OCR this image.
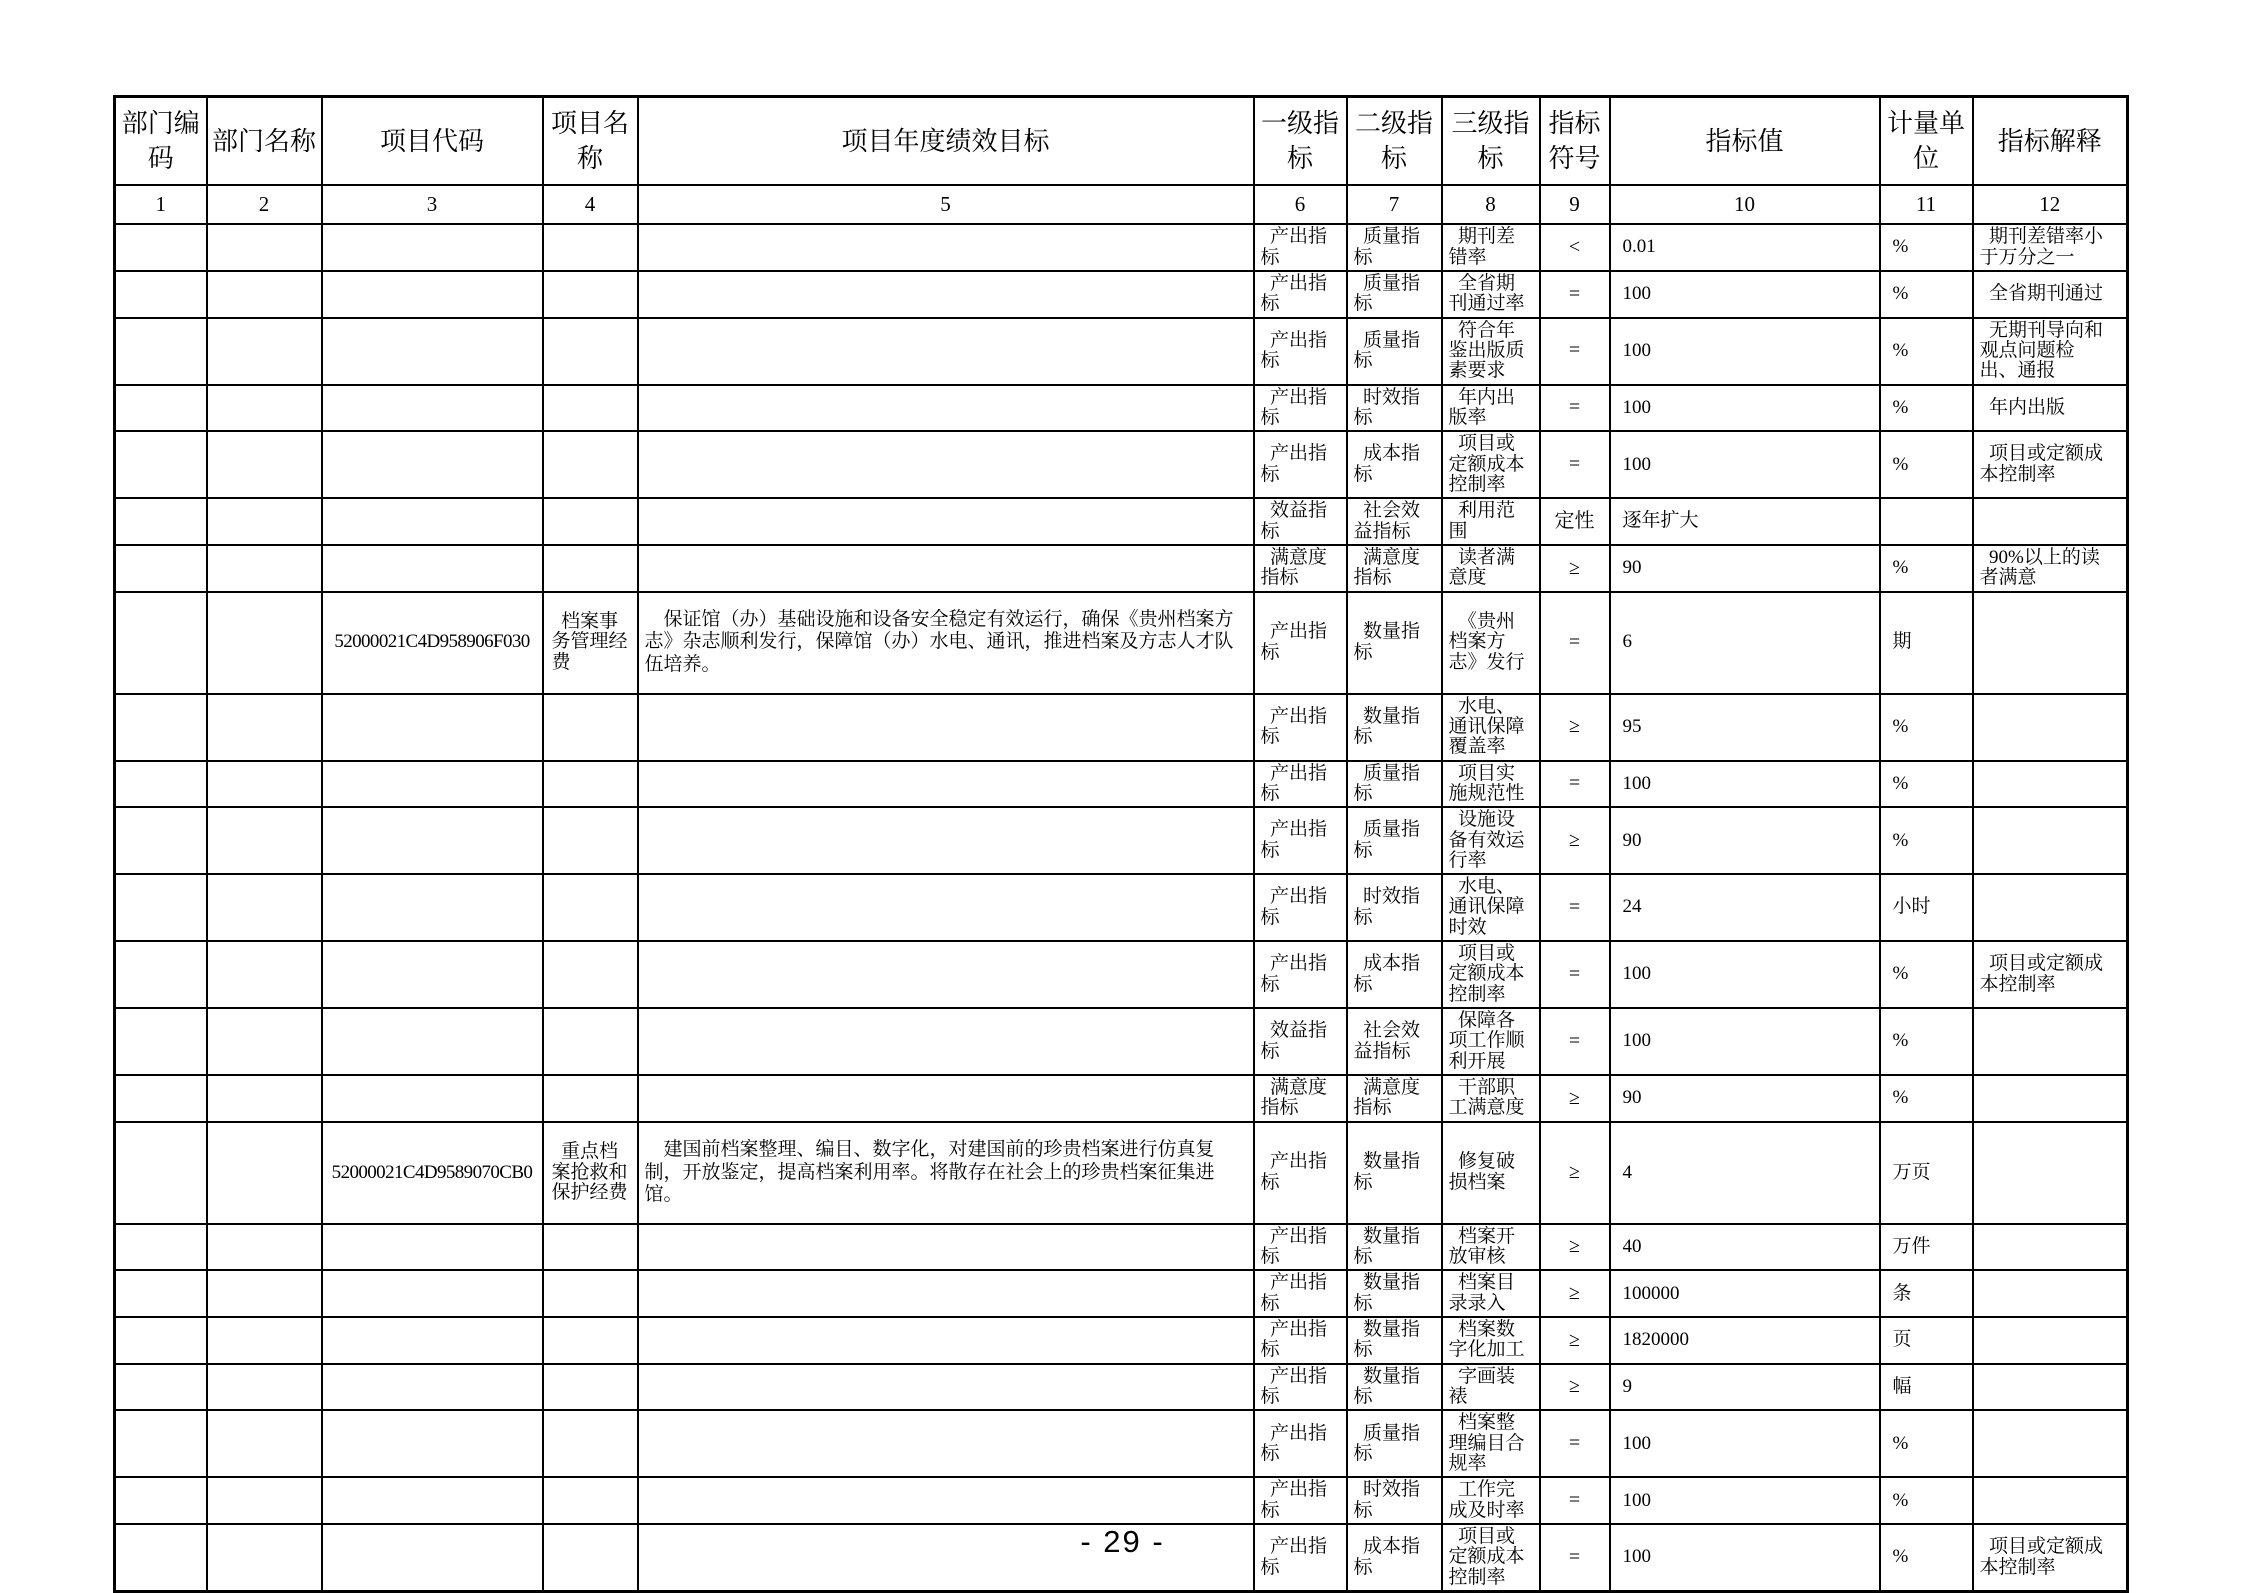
部门编码	部门名称	项目代码	项目名称	项目年度绩效目标	一级指标	二级指标	三级指标	指标符号	指标值	计量单位	指标解释
1	2	3	4	5	6	7	8	9	10	11	12
					产出指标	质量指标	期刊差错率	<	0.01	%	期刊差错率小于万分之一
					产出指标	质量指标	全省期刊通过率	=	100	%	全省期刊通过
					产出指标	质量指标	符合年鉴出版质素要求	=	100	%	无期刊导向和观点问题检出、通报
					产出指标	时效指标	年内出版率	=	100	%	年内出版
					产出指标	成本指标	项目或定额成本控制率	=	100	%	项目或定额成本控制率
					效益指标	社会效益指标	利用范围	定性	逐年扩大		
					满意度指标	满意度指标	读者满意度	≥	90	%	90%以上的读者满意
		52000021C4D958906F030	档案事务管理经费	保证馆（办）基础设施和设备安全稳定有效运行，确保《贵州档案方志》杂志顺利发行，保障馆（办）水电、通讯，推进档案及方志人才队伍培养。	产出指标	数量指标	《贵州档案方志》发行	=	6	期	
					产出指标	数量指标	水电、通讯保障覆盖率	≥	95	%	
					产出指标	质量指标	项目实施规范性	=	100	%	
					产出指标	质量指标	设施设备有效运行率	≥	90	%	
					产出指标	时效指标	水电、通讯保障时效	=	24	小时	
					产出指标	成本指标	项目或定额成本控制率	=	100	%	项目或定额成本控制率
					效益指标	社会效益指标	保障各项工作顺利开展	=	100	%	
					满意度指标	满意度指标	干部职工满意度	≥	90	%	
		52000021C4D9589070CB0	重点档案抢救和保护经费	建国前档案整理、编目、数字化，对建国前的珍贵档案进行仿真复制，开放鉴定，提高档案利用率。将散存在社会上的珍贵档案征集进馆。	产出指标	数量指标	修复破损档案	≥	4	万页	
					产出指标	数量指标	档案开放审核	≥	40	万件	
					产出指标	数量指标	档案目录录入	≥	100000	条	
					产出指标	数量指标	档案数字化加工	≥	1820000	页	
					产出指标	数量指标	字画装裱	≥	9	幅	
					产出指标	质量指标	档案整理编目合规率	=	100	%	
					产出指标	时效指标	工作完成及时率	=	100	%	
					产出指标	成本指标	项目或定额成本控制率	=	100	%	项目或定额成本控制率
- 29 -
